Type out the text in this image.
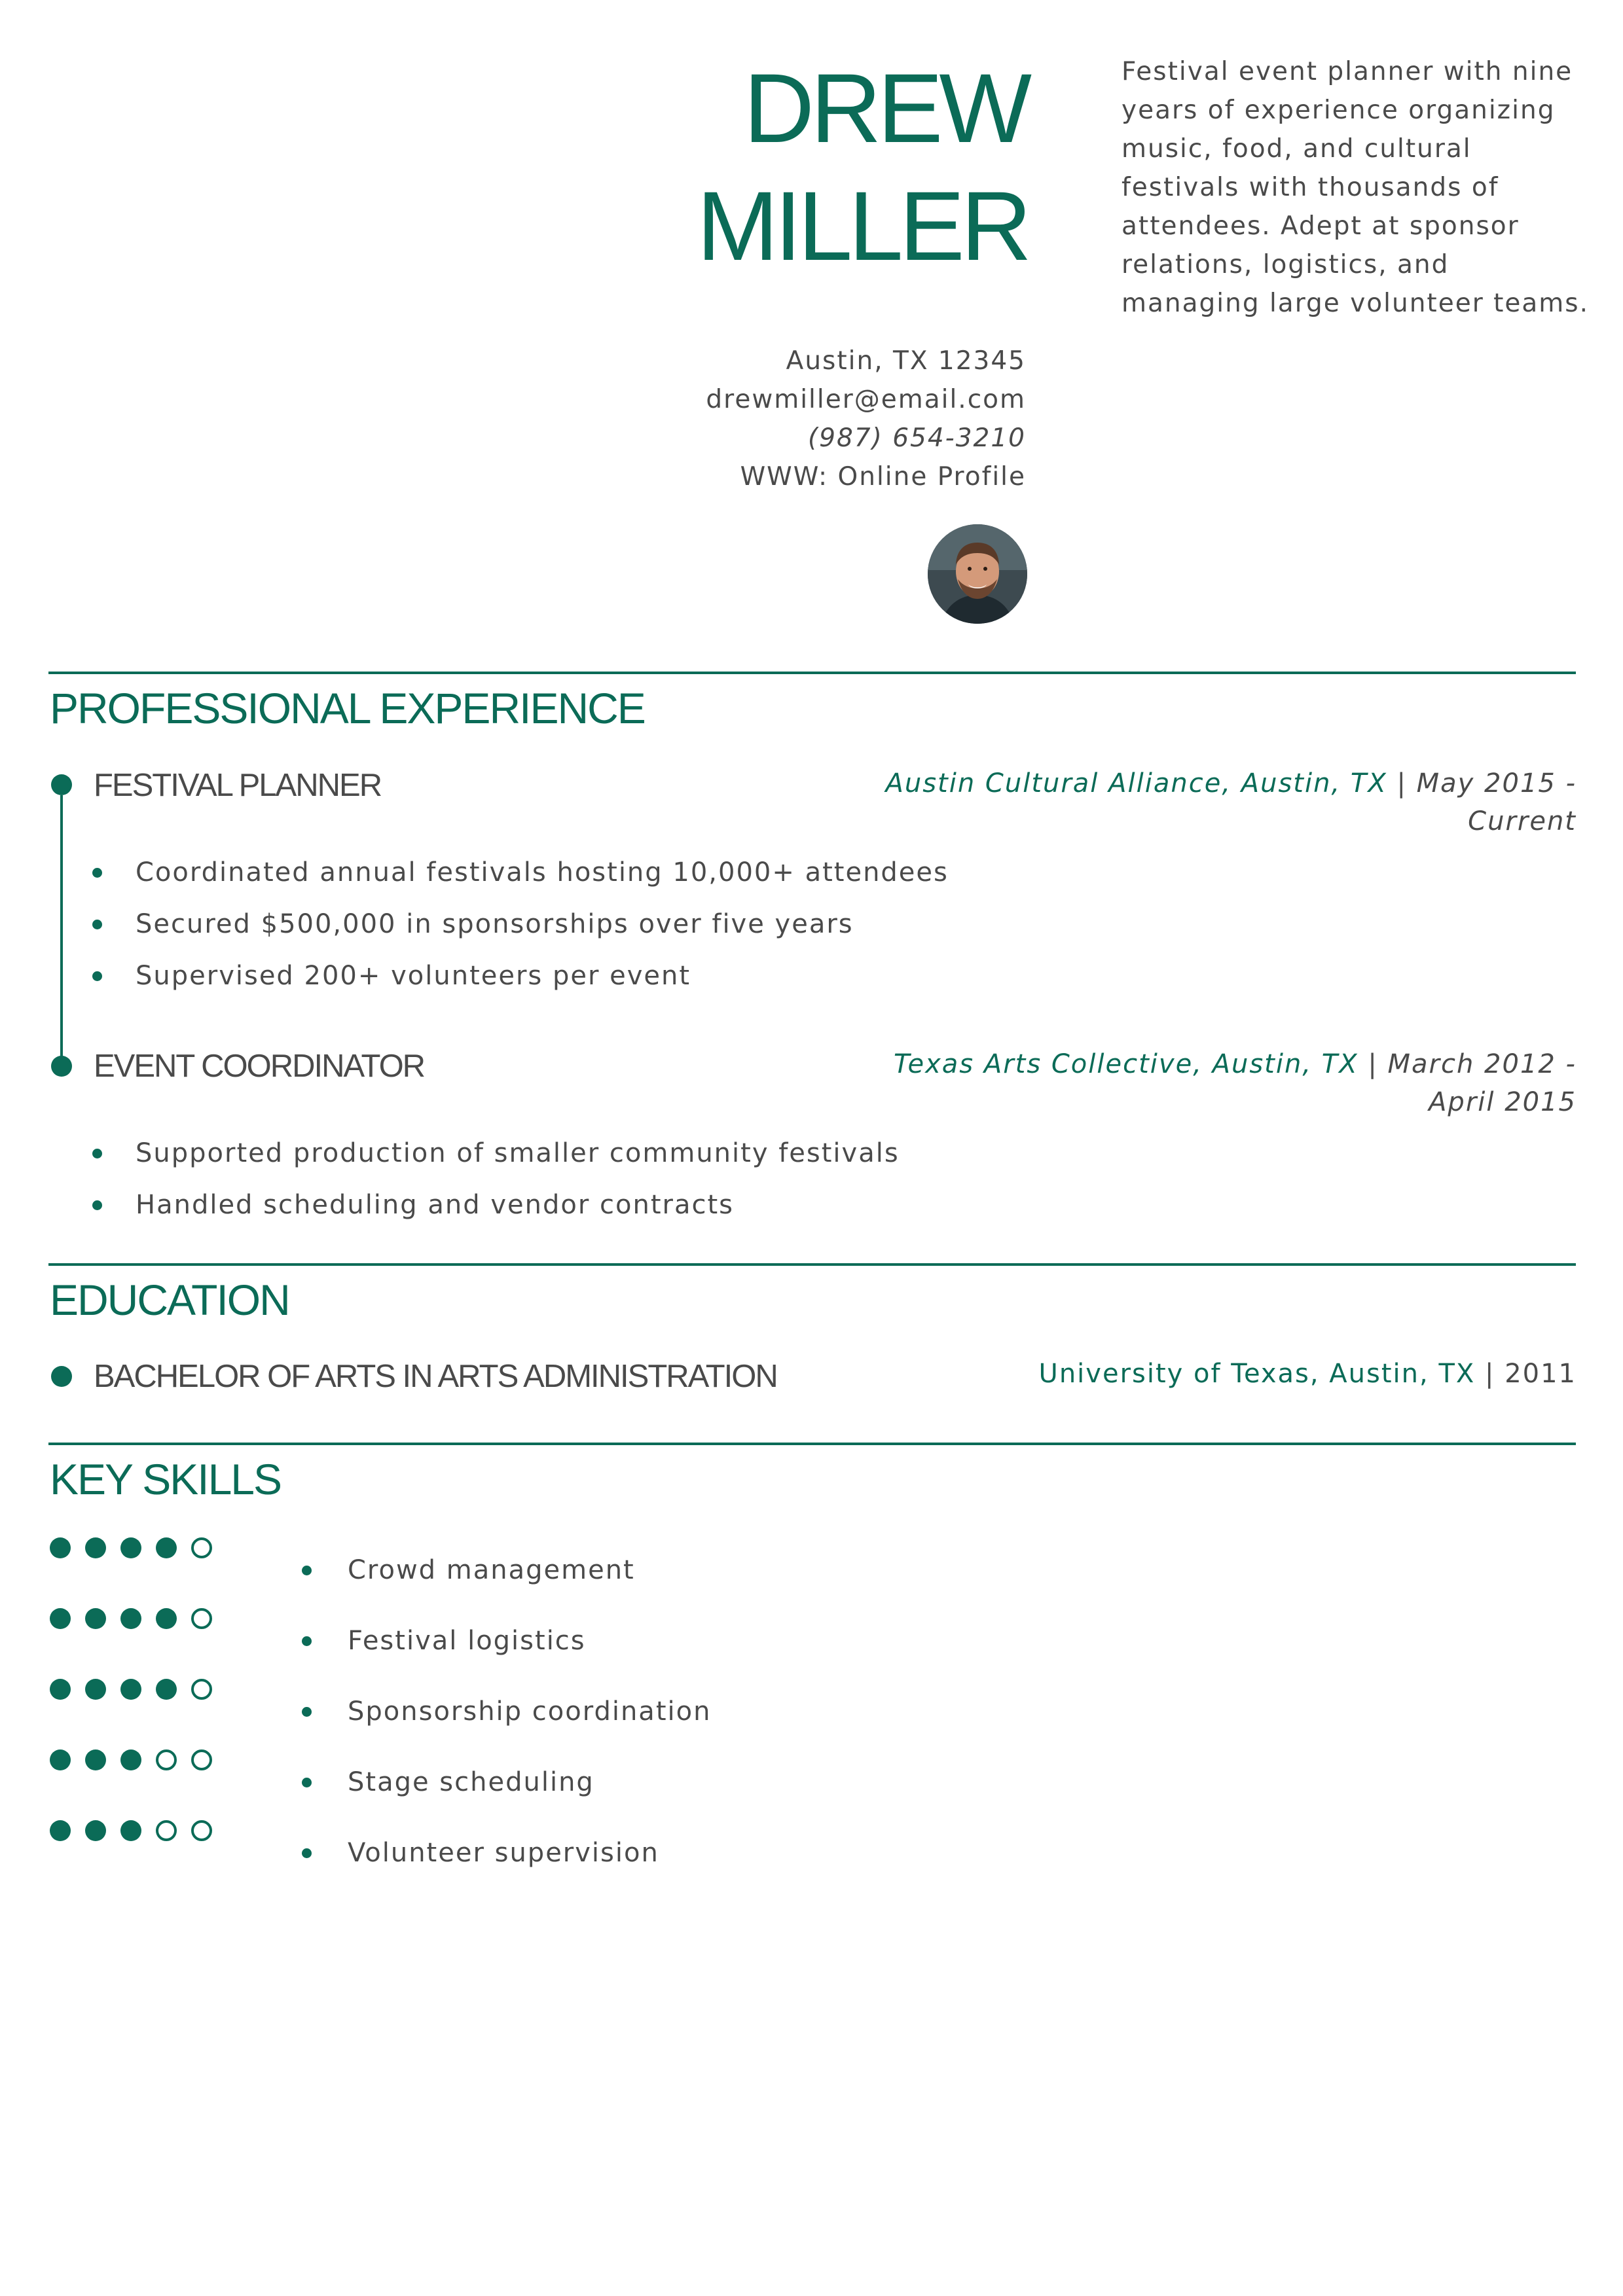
DREW
MILLER
Festival event planner with nine years of experience organizing music, food, and cultural festivals with thousands of attendees. Adept at sponsor relations, logistics, and managing large volunteer teams.
Austin, TX 12345
drewmiller@email.com
(987) 654-3210
WWW: Online Profile
PROFESSIONAL EXPERIENCE
FESTIVAL PLANNER	Austin Cultural Alliance, Austin, TX | May 2015 -
Current
Coordinated annual festivals hosting 10,000+ attendees
Secured $500,000 in sponsorships over five years
Supervised 200+ volunteers per event
EVENT COORDINATOR	Texas Arts Collective, Austin, TX | March 2012 -
April 2015
Supported production of smaller community festivals
Handled scheduling and vendor contracts
EDUCATION
BACHELOR OF ARTS IN ARTS ADMINISTRATION	University of Texas, Austin, TX | 2011
KEY SKILLS
Crowd management
Festival logistics
Sponsorship coordination
Stage scheduling
Volunteer supervision
